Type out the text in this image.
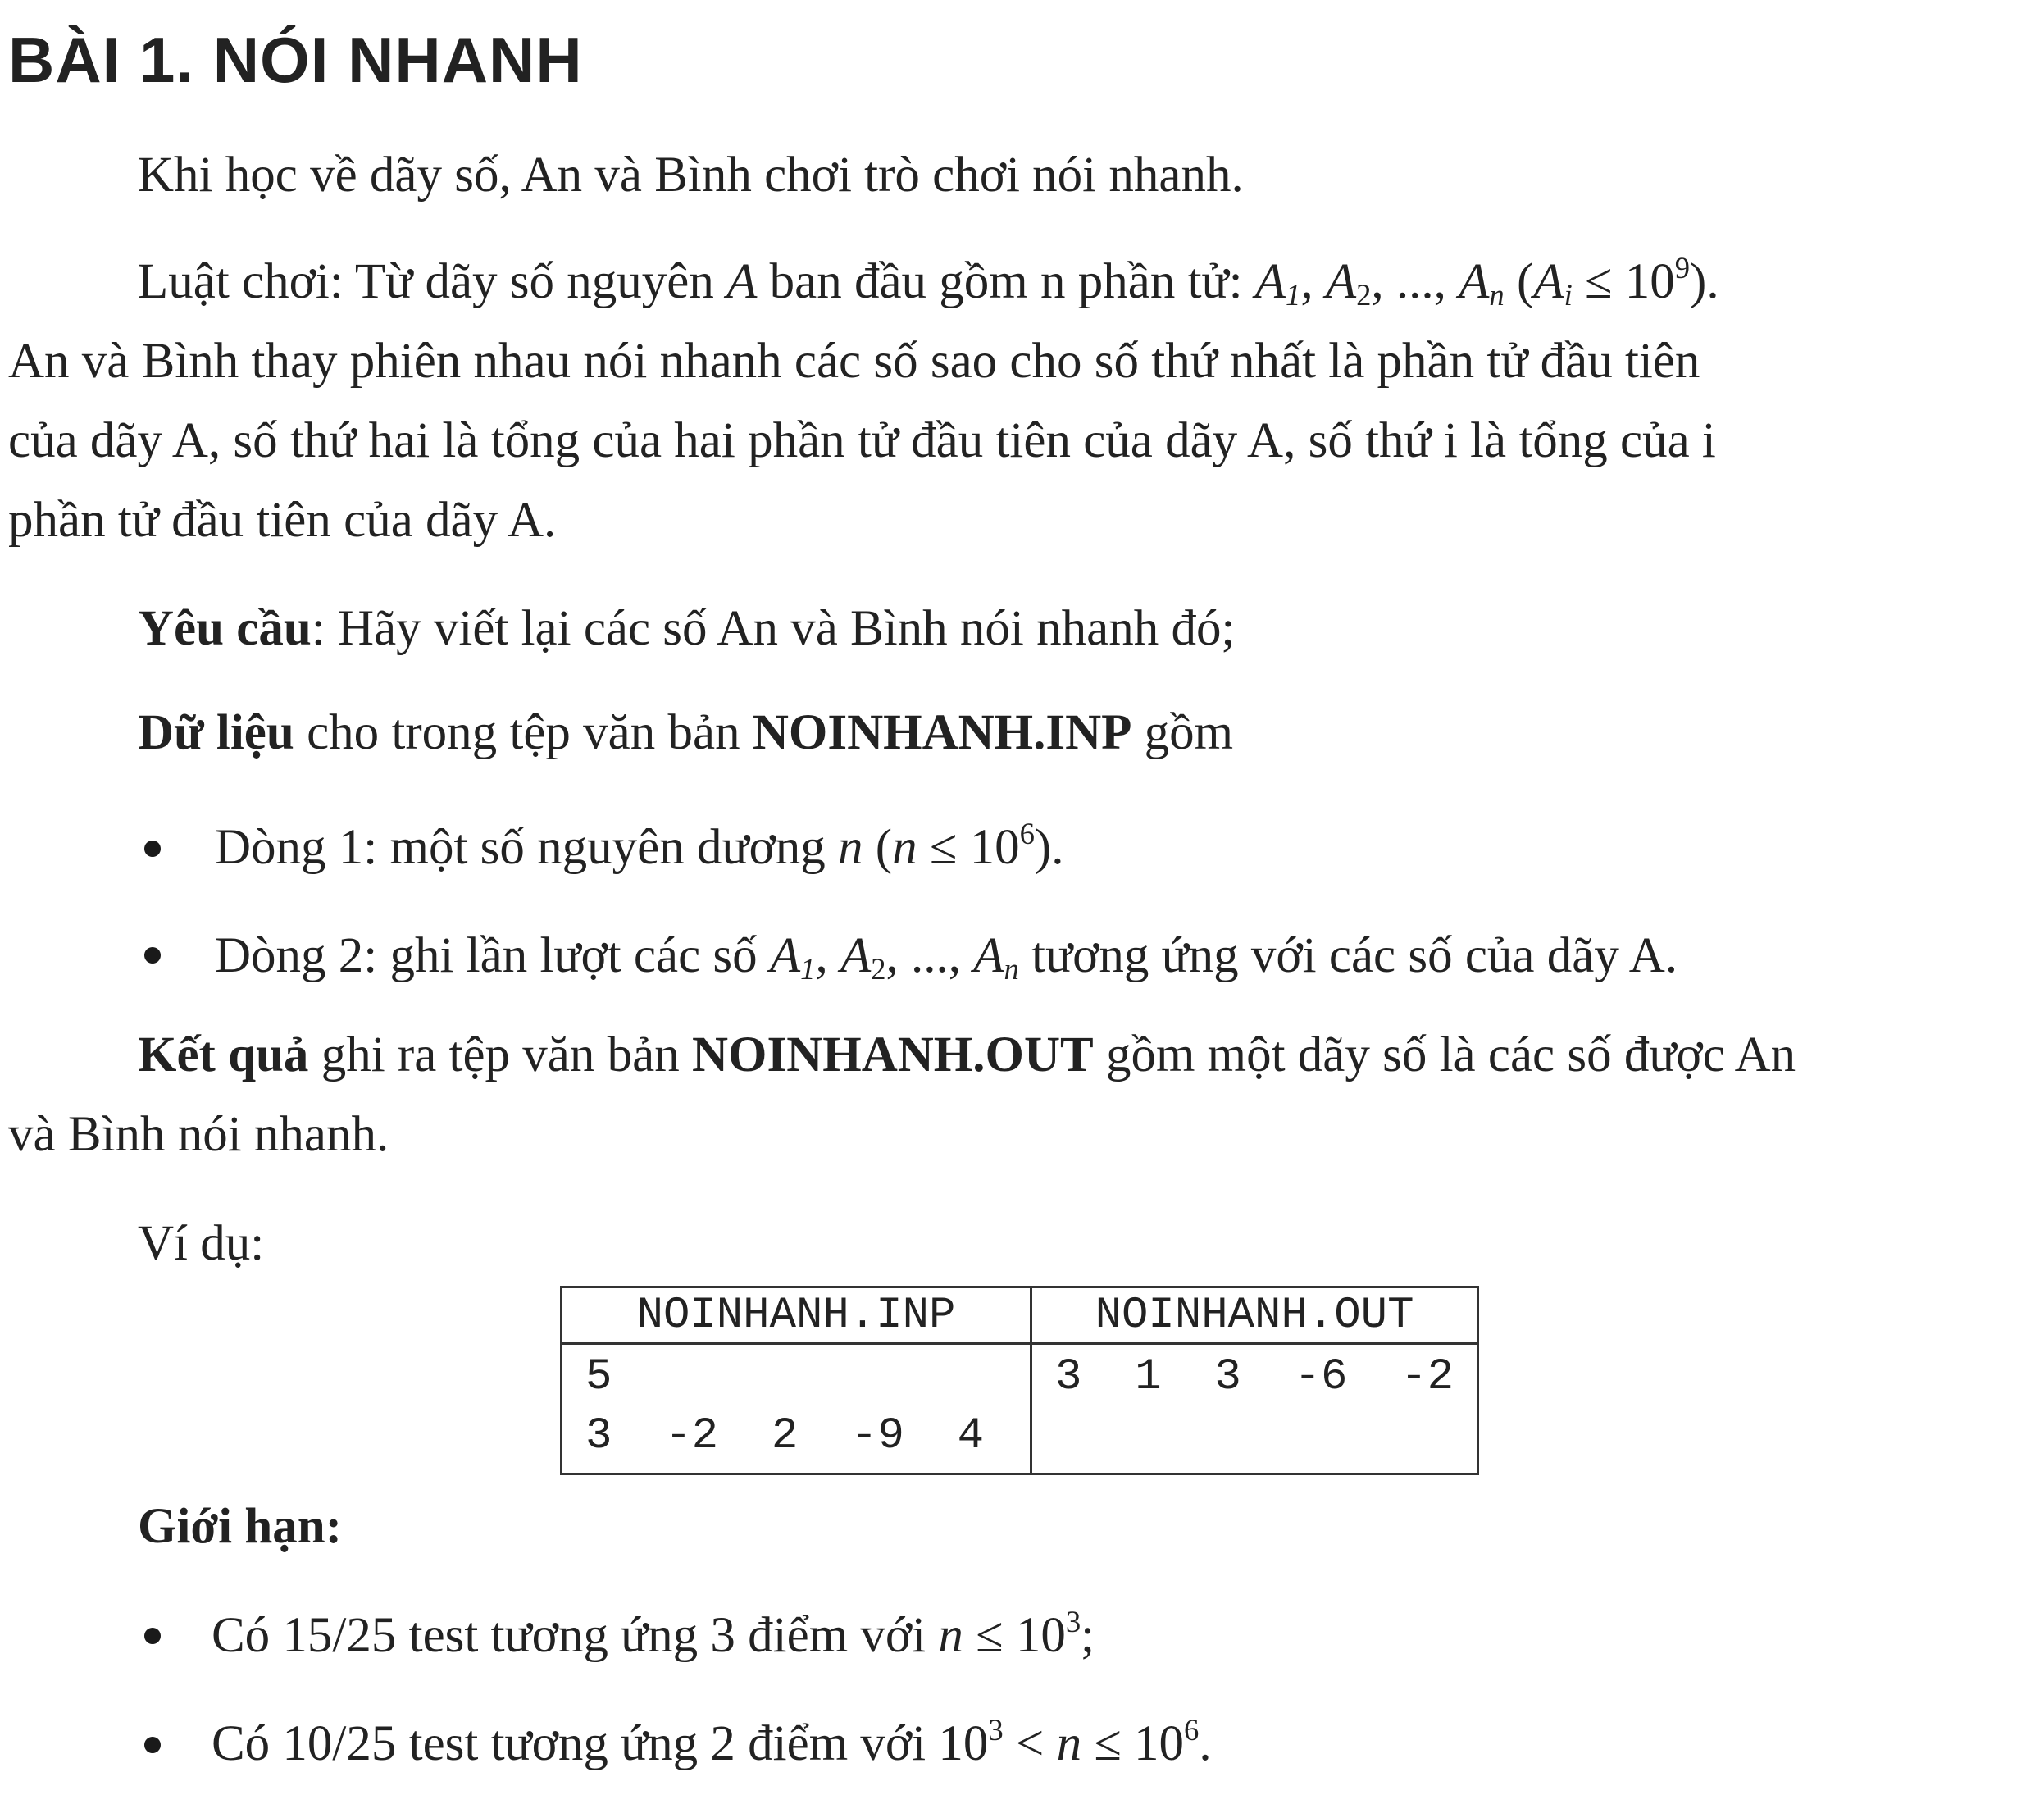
BÀI 1. NÓI NHANH

Khi học về dãy số, An và Bình chơi trò chơi nói nhanh.

Luật chơi: Từ dãy số nguyên A ban đầu gồm n phần tử: $A_1$, $A_2$, ..., $A_n$ $(A_i \le 10^9)$.
An và Bình thay phiên nhau nói nhanh các số sao cho số thứ nhất là phần tử đầu tiên
của dãy A, số thứ hai là tổng của hai phần tử đầu tiên của dãy A, số thứ i là tổng của i
phần tử đầu tiên của dãy A.

Yêu cầu: Hãy viết lại các số An và Bình nói nhanh đó;

Dữ liệu cho trong tệp văn bản NOINHANH.INP gồm

Dòng 1: một số nguyên dương n $(n \le 10^6)$.
Dòng 2: ghi lần lượt các số $A_1$, $A_2$, ..., $A_n$ tương ứng với các số của dãy A.
Kết quả ghi ra tệp văn bản NOINHANH.OUT gồm một dãy số là các số được An
và Bình nói nhanh.

Ví dụ:

NOINHANH.INP	NOINHANH.OUT

5
3  -2  2  -9  4	3  1  3  -6  -2

Giới hạn:

Có 15/25 test tương ứng 3 điểm với $n \le 10^3$;
Có 10/25 test tương ứng 2 điểm với $10^3 < n \le 10^6$.
